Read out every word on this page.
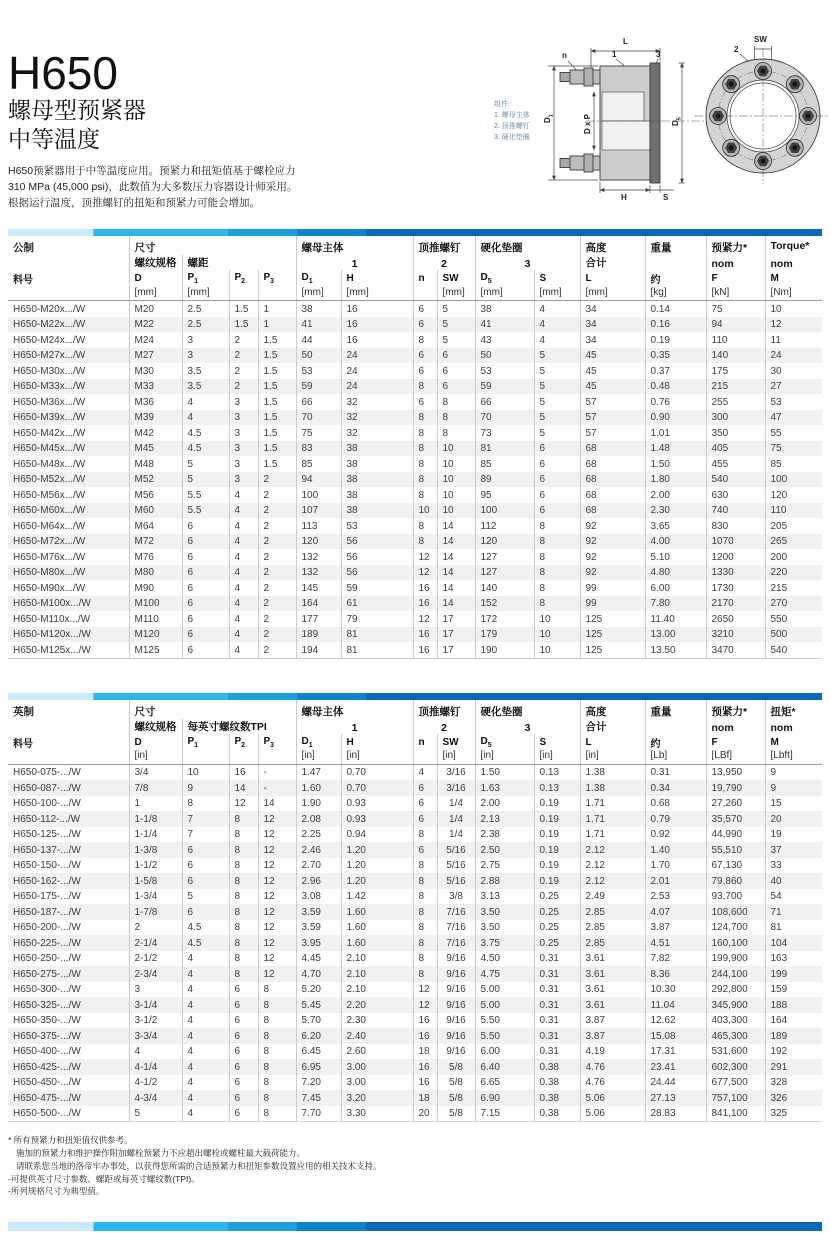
H650
螺母型预紧器
中等温度
H650预紧器用于中等温度应用。预紧力和扭矩值基于螺栓应力
310 MPa (45,000 psi)，此数值为大多数压力容器设计师采用。
根据运行温度，顶推螺钉的扭矩和预紧力可能会增加。
公制	尺寸				螺母主体		顶推螺钉		硬化垫圈		高度	重量	预紧力*	Torque*
	螺纹规格	螺距			1		2		3		合计		nom	nom
料号	D	$P_1$	$P_2$	$P_3$	$D_1$	H	n	SW	$D_5$	S	L	约	F	M
	[mm]	[mm]			[mm]	[mm]		[mm]	[mm]	[mm]	[mm]	[kg]	[kN]	[Nm]
H650-M20x.../W	M20	2.5	1.5	1	38	16	6	5	38	4	34	0.14	75	10
H650-M22x.../W	M22	2.5	1.5	1	41	16	6	5	41	4	34	0.16	94	12
H650-M24x.../W	M24	3	2	1.5	44	16	8	5	43	4	34	0.19	110	11
H650-M27x.../W	M27	3	2	1.5	50	24	6	6	50	5	45	0.35	140	24
H650-M30x.../W	M30	3.5	2	1.5	53	24	6	6	53	5	45	0.37	175	30
H650-M33x.../W	M33	3.5	2	1.5	59	24	8	6	59	5	45	0.48	215	27
H650-M36x.../W	M36	4	3	1.5	66	32	6	8	66	5	57	0.76	255	53
H650-M39x.../W	M39	4	3	1.5	70	32	8	8	70	5	57	0.90	300	47
H650-M42x.../W	M42	4.5	3	1.5	75	32	8	8	73	5	57	1.01	350	55
H650-M45x.../W	M45	4.5	3	1.5	83	38	8	10	81	6	68	1.48	405	75
H650-M48x.../W	M48	5	3	1.5	85	38	8	10	85	6	68	1.50	455	85
H650-M52x.../W	M52	5	3	2	94	38	8	10	89	6	68	1.80	540	100
H650-M56x.../W	M56	5.5	4	2	100	38	8	10	95	6	68	2.00	630	120
H650-M60x.../W	M60	5.5	4	2	107	38	10	10	100	6	68	2.30	740	110
H650-M64x.../W	M64	6	4	2	113	53	8	14	112	8	92	3.65	830	205
H650-M72x.../W	M72	6	4	2	120	56	8	14	120	8	92	4.00	1070	265
H650-M76x.../W	M76	6	4	2	132	56	12	14	127	8	92	5.10	1200	200
H650-M80x.../W	M80	6	4	2	132	56	12	14	127	8	92	4.80	1330	220
H650-M90x.../W	M90	6	4	2	145	59	16	14	140	8	99	6.00	1730	215
H650-M100x.../W	M100	6	4	2	164	61	16	14	152	8	99	7.80	2170	270
H650-M110x.../W	M110	6	4	2	177	79	12	17	172	10	125	11.40	2650	550
H650-M120x.../W	M120	6	4	2	189	81	16	17	179	10	125	13.00	3210	500
H650-M125x.../W	M125	6	4	2	194	81	16	17	190	10	125	13.50	3470	540
英制	尺寸				螺母主体		顶推螺钉		硬化垫圈		高度	重量	预紧力*	扭矩*
	螺纹规格	每英寸螺纹数TPI			1		2		3		合计		nom	nom
料号	D	$P_1$	$P_2$	$P_3$	$D_1$	H	n	SW	$D_5$	S	L	约	F	M
	[in]				[in]	[in]		[in]	[in]	[in]	[in]	[Lb]	[LBf]	[Lbft]
H650-075-.../W	3/4	10	16	-	1.47	0.70	4	3/16	1.50	0.13	1.38	0.31	13,950	9
H650-087-.../W	7/8	9	14	-	1.60	0.70	6	3/16	1.63	0.13	1.38	0.34	19,790	9
H650-100-.../W	1	8	12	14	1.90	0.93	6	1/4	2.00	0.19	1.71	0.68	27,260	15
H650-112-.../W	1-1/8	7	8	12	2.08	0.93	6	1/4	2.13	0.19	1.71	0.79	35,570	20
H650-125-.../W	1-1/4	7	8	12	2.25	0.94	8	1/4	2.38	0.19	1.71	0.92	44,990	19
H650-137-.../W	1-3/8	6	8	12	2.46	1.20	6	5/16	2.50	0.19	2.12	1.40	55,510	37
H650-150-.../W	1-1/2	6	8	12	2.70	1.20	8	5/16	2.75	0.19	2.12	1.70	67,130	33
H650-162-.../W	1-5/8	6	8	12	2.96	1.20	8	5/16	2.88	0.19	2.12	2.01	79,860	40
H650-175-.../W	1-3/4	5	8	12	3.08	1.42	8	3/8	3.13	0.25	2.49	2.53	93,700	54
H650-187-.../W	1-7/8	6	8	12	3.59	1.60	8	7/16	3.50	0.25	2.85	4.07	108,600	71
H650-200-.../W	2	4.5	8	12	3.59	1.60	8	7/16	3.50	0.25	2.85	3.87	124,700	81
H650-225-.../W	2-1/4	4.5	8	12	3.95	1.60	8	7/16	3.75	0.25	2.85	4.51	160,100	104
H650-250-.../W	2-1/2	4	8	12	4.45	2.10	8	9/16	4.50	0.31	3.61	7.82	199,900	163
H650-275-.../W	2-3/4	4	8	12	4.70	2.10	8	9/16	4.75	0.31	3.61	8.36	244,100	199
H650-300-.../W	3	4	6	8	5.20	2.10	12	9/16	5.00	0.31	3.61	10.30	292,800	159
H650-325-.../W	3-1/4	4	6	8	5.45	2.20	12	9/16	5.00	0.31	3.61	11.04	345,900	188
H650-350-.../W	3-1/2	4	6	8	5.70	2.30	16	9/16	5.50	0.31	3.87	12.62	403,300	164
H650-375-.../W	3-3/4	4	6	8	6.20	2.40	16	9/16	5.50	0.31	3.87	15.08	465,300	189
H650-400-.../W	4	4	6	8	6.45	2.60	18	9/16	6.00	0.31	4.19	17.31	531,600	192
H650-425-.../W	4-1/4	4	6	8	6.95	3.00	16	5/8	6.40	0.38	4.76	23.41	602,300	291
H650-450-.../W	4-1/2	4	6	8	7.20	3.00	16	5/8	6.65	0.38	4.76	24.44	677,500	328
H650-475-.../W	4-3/4	4	6	8	7.45	3.20	18	5/8	6.90	0.38	5.06	27.13	757,100	326
H650-500-.../W	5	4	6	8	7.70	3.30	20	5/8	7.15	0.38	5.06	28.83	841,100	325
* 所有预紧力和扭矩值仅供参考。
施加的预紧力和维护操作附加螺栓预紧力不应超出螺栓或螺柱最大载荷能力。
请联系您当地的洛帝牢办事处，以获得您所需的合适预紧力和扭矩参数设置应用的相关技术支持。
-可提供英寸尺寸参数、螺距或每英寸螺纹数(TPI)。
-所列规格尺寸为典型值。
L
n	1	3
2
SW
H	S
$D_1$	D x P	$D_5$
组件:
1. 螺母主体
2. 顶推螺钉
3. 硬化垫圈
